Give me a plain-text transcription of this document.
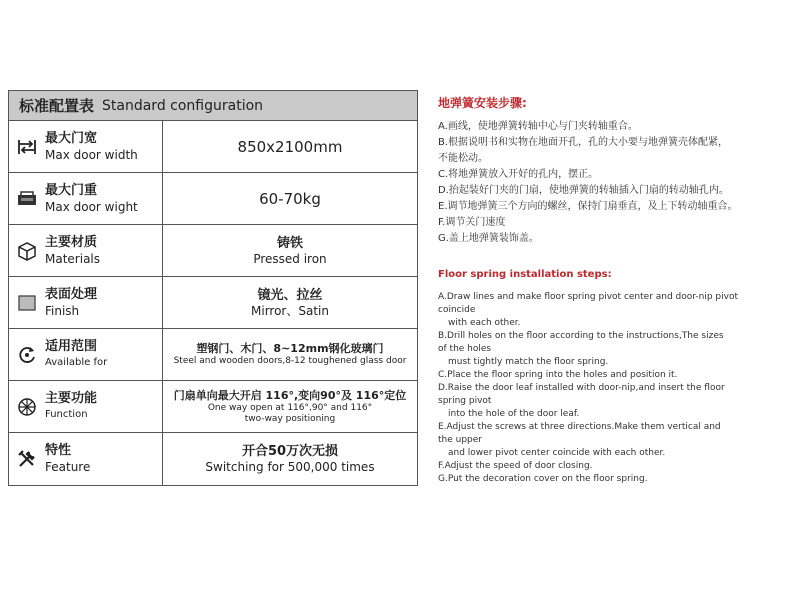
标准配置表 Standard configuration
最大门宽
Max door width	850x2100mm
最大门重
Max door wight	60-70kg
主要材质
Materials
铸铁
Pressed iron
表面处理
Finish
镜光、拉丝
Mirror、Satin
适用范围
Available for
塑钢门、木门、8~12mm钢化玻璃门
Steel and wooden doors,8-12 toughened glass door
主要功能
Function
门扇单向最大开启 116°,变向90°及 116°定位
One way open at 116°,90° and 116°
two-way positioning
特性
Feature
开合50万次无损
Switching for 500,000 times
地弹簧安装步骤:
A.画线，使地弹簧转轴中心与门夹转轴重合。
B.根据说明书和实物在地面开孔，孔的大小要与地弹簧壳体配紧，
不能松动。
C.将地弹簧放入开好的孔内，摆正。
D.抬起装好门夹的门扇，使地弹簧的转轴插入门扇的转动轴孔内。
E.调节地弹簧三个方向的螺丝，保持门扇垂直，及上下转动轴重合。
F.调节关门速度
G.盖上地弹簧装饰盖。
Floor spring installation steps:
A.Draw lines and make floor spring pivot center and door-nip pivot
coincide
with each other.
B.Drill holes on the floor according to the instructions,The sizes
of the holes
must tightly match the floor spring.
C.Place the floor spring into the holes and position it.
D.Raise the door leaf installed with door-nip,and insert the floor
spring pivot
into the hole of the door leaf.
E.Adjust the screws at three directions.Make them vertical and
the upper
and lower pivot center coincide with each other.
F.Adjust the speed of door closing.
G.Put the decoration cover on the floor spring.
